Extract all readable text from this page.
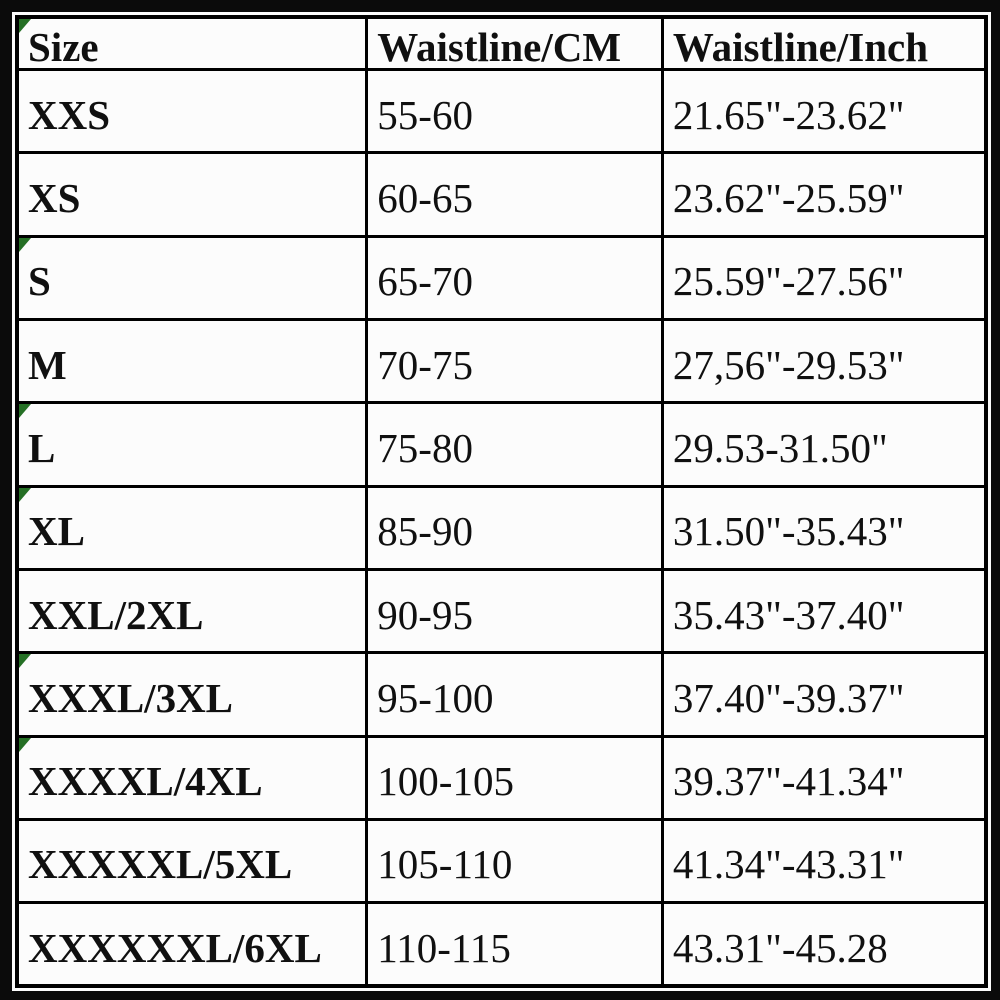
Size	Waistline/CM	Waistline/Inch
XXS	55-60	21.65"-23.62"
XS	60-65	23.62"-25.59"

S	65-70	25.59"-27.56"
M	70-75	27,56"-29.53"

L	75-80	29.53-31.50"

XL	85-90	31.50"-35.43"
XXL/2XL	90-95	35.43"-37.40"

XXXL/3XL	95-100	37.40"-39.37"

XXXXL/4XL	100-105	39.37"-41.34"
XXXXXL/5XL	105-110	41.34"-43.31"
XXXXXXL/6XL	110-115	43.31"-45.28
